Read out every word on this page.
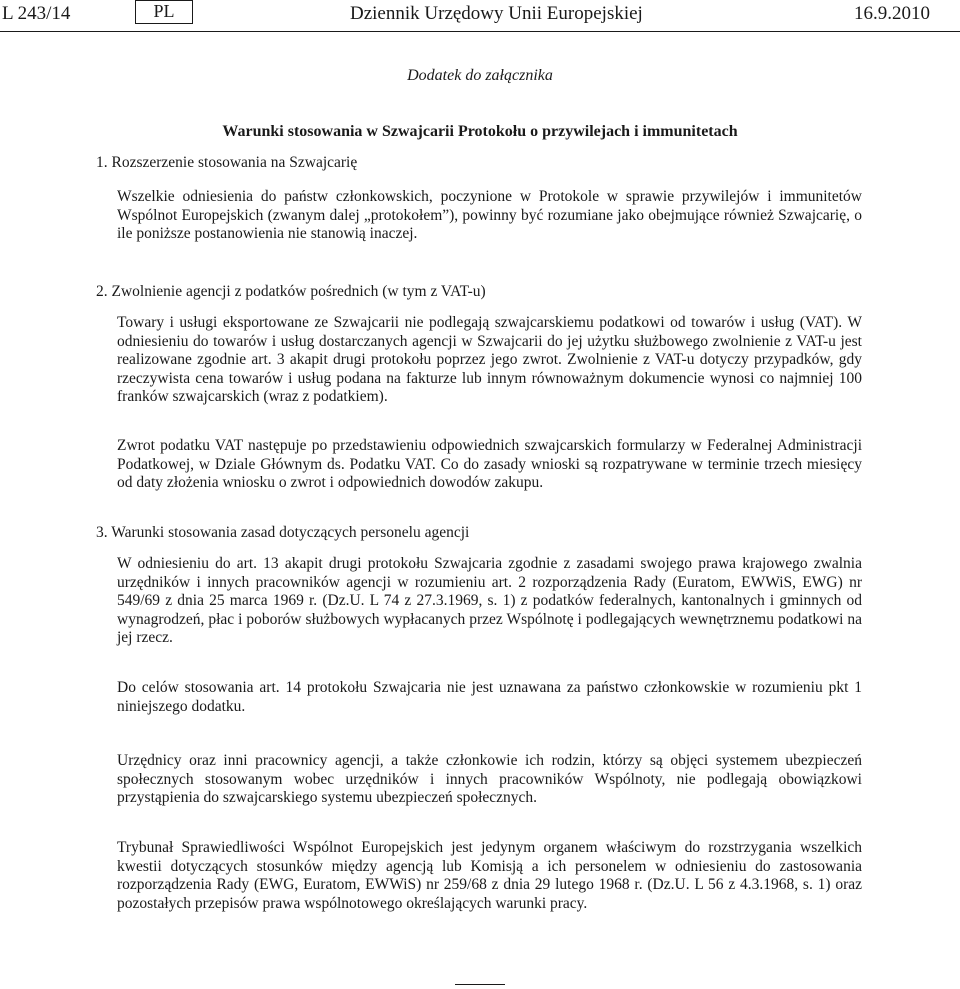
L 243/14	PL	Dziennik Urzędowy Unii Europejskiej	16.9.2010
Dodatek do załącznika
Warunki stosowania w Szwajcarii Protokołu o przywilejach i immunitetach
1. Rozszerzenie stosowania na Szwajcarię

Wszelkie odniesienia do państw członkowskich, poczynione w Protokole w sprawie przywilejów i immunitetów Wspólnot Europejskich (zwanym dalej „protokołem”), powinny być rozumiane jako obejmujące również Szwajcarię, o ile poniższe postanowienia nie stanowią inaczej.

2. Zwolnienie agencji z podatków pośrednich (w tym z VAT-u)

Towary i usługi eksportowane ze Szwajcarii nie podlegają szwajcarskiemu podatkowi od towarów i usług (VAT). W odniesieniu do towarów i usług dostarczanych agencji w Szwajcarii do jej użytku służbowego zwolnienie z VAT-u jest realizowane zgodnie art. 3 akapit drugi protokołu poprzez jego zwrot. Zwolnienie z VAT-u dotyczy przypadków, gdy rzeczywista cena towarów i usług podana na fakturze lub innym równoważnym dokumencie wynosi co najmniej 100 franków szwajcarskich (wraz z podatkiem).

Zwrot podatku VAT następuje po przedstawieniu odpowiednich szwajcarskich formularzy w Federalnej Administracji Podatkowej, w Dziale Głównym ds. Podatku VAT. Co do zasady wnioski są rozpatrywane w terminie trzech miesięcy od daty złożenia wniosku o zwrot i odpowiednich dowodów zakupu.

3. Warunki stosowania zasad dotyczących personelu agencji

W odniesieniu do art. 13 akapit drugi protokołu Szwajcaria zgodnie z zasadami swojego prawa krajowego zwalnia urzędników i innych pracowników agencji w rozumieniu art. 2 rozporządzenia Rady (Euratom, EWWiS, EWG) nr 549/69 z dnia 25 marca 1969 r. (Dz.U. L 74 z 27.3.1969, s. 1) z podatków federalnych, kantonalnych i gminnych od wynagrodzeń, płac i poborów służbowych wypłacanych przez Wspólnotę i podlegających wewnętrznemu podatkowi na jej rzecz.

Do celów stosowania art. 14 protokołu Szwajcaria nie jest uznawana za państwo członkowskie w rozumieniu pkt 1 niniejszego dodatku.

Urzędnicy oraz inni pracownicy agencji, a także członkowie ich rodzin, którzy są objęci systemem ubezpieczeń społecznych stosowanym wobec urzędników i innych pracowników Wspólnoty, nie podlegają obowiązkowi przystąpienia do szwajcarskiego systemu ubezpieczeń społecznych.

Trybunał Sprawiedliwości Wspólnot Europejskich jest jedynym organem właściwym do rozstrzygania wszelkich kwestii dotyczących stosunków między agencją lub Komisją a ich personelem w odniesieniu do zastosowania rozporządzenia Rady (EWG, Euratom, EWWiS) nr 259/68 z dnia 29 lutego 1968 r. (Dz.U. L 56 z 4.3.1968, s. 1) oraz pozostałych przepisów prawa wspólnotowego określających warunki pracy.
